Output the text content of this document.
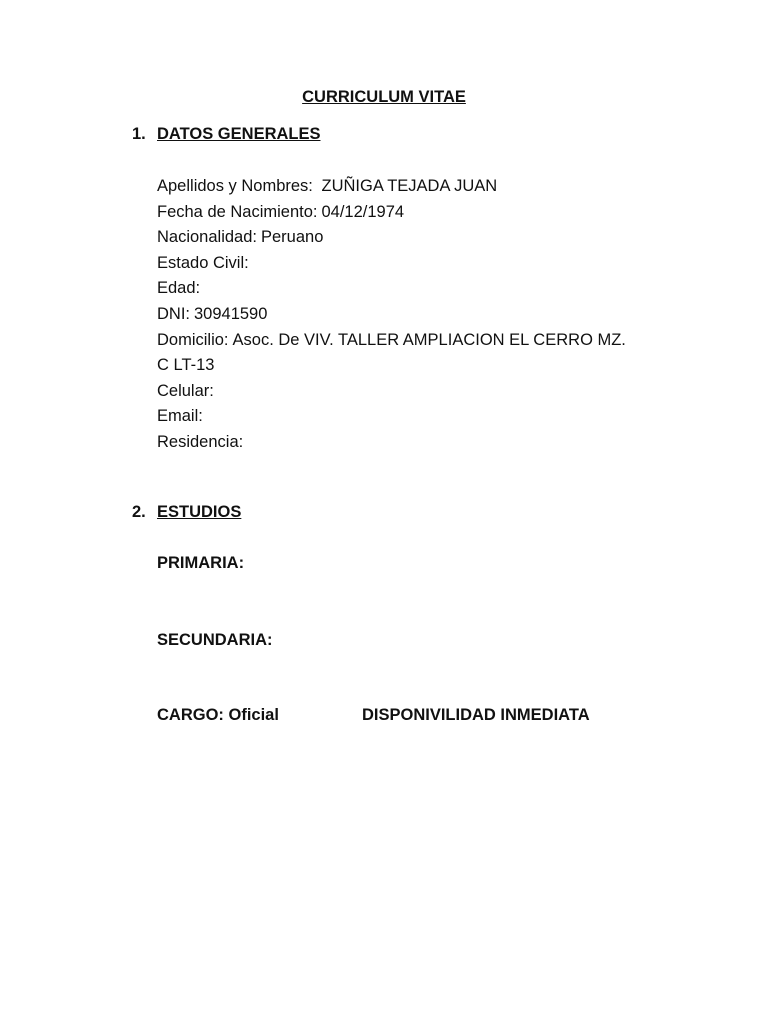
CURRICULUM VITAE
1. DATOS GENERALES
Apellidos y Nombres: ZUÑIGA TEJADA JUAN
Fecha de Nacimiento: 04/12/1974
Nacionalidad: Peruano
Estado Civil:
Edad:
DNI: 30941590
Domicilio: Asoc. De VIV. TALLER AMPLIACION EL CERRO MZ.
C LT-13
Celular:
Email:
Residencia:
2. ESTUDIOS
PRIMARIA:
SECUNDARIA:
CARGO: Oficial	DISPONIVILIDAD INMEDIATA
